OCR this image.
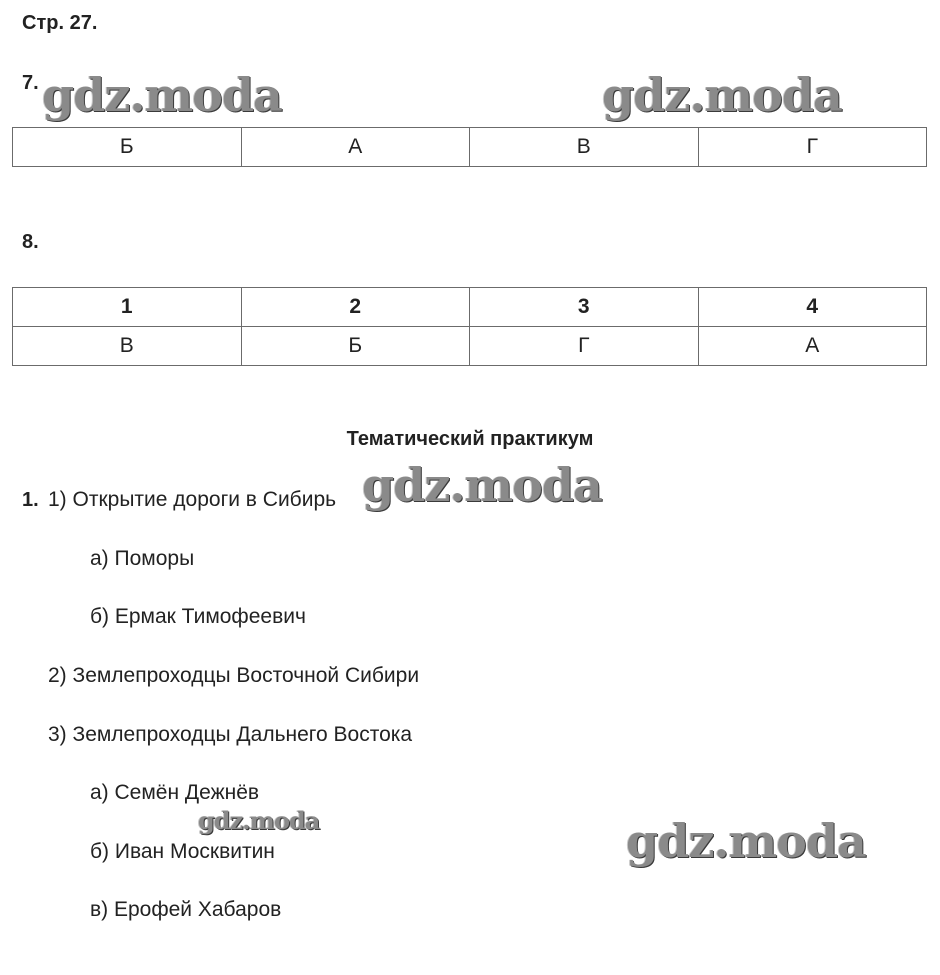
Стр. 27.
7.
Б	А	В	Г
8.
1	2	3	4
В	Б	Г	А
Тематический практикум
1. 1) Открытие дороги в Сибирь
а) Поморы
б) Ермак Тимофеевич
2) Землепроходцы Восточной Сибири
3) Землепроходцы Дальнего Востока
а) Семён Дежнёв
б) Иван Москвитин
в) Ерофей Хабаров
gdz.moda	gdz.moda
gdz.moda
gdz.moda	gdz.moda
